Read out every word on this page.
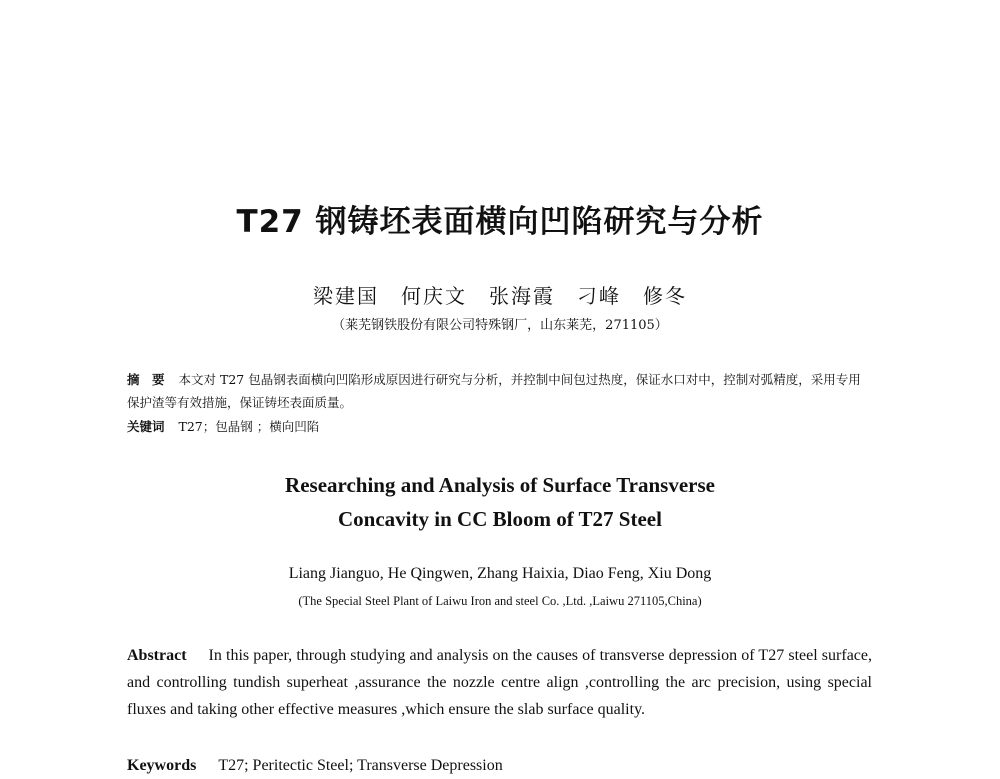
T27 钢铸坯表面横向凹陷研究与分析
梁建国　何庆文　张海霞　刁峰　修冬
（莱芜钢铁股份有限公司特殊钢厂，山东莱芜，271105）
摘　要 本文对 T27 包晶钢表面横向凹陷形成原因进行研究与分析，并控制中间包过热度，保证水口对中，控制对弧精度，采用专用保护渣等有效措施，保证铸坯表面质量。
关键词 T27；包晶钢 ；横向凹陷
Researching and Analysis of Surface Transverse
Concavity in CC Bloom of T27 Steel
Liang Jianguo, He Qingwen, Zhang Haixia, Diao Feng, Xiu Dong
(The Special Steel Plant of Laiwu Iron and steel Co. ,Ltd. ,Laiwu 271105,China)
Abstract In this paper, through studying and analysis on the causes of transverse depression of T27 steel surface, and controlling tundish superheat ,assurance the nozzle centre align ,controlling the arc precision, using special fluxes and taking other effective measures ,which ensure the slab surface quality.
Keywords T27; Peritectic Steel; Transverse Depression
